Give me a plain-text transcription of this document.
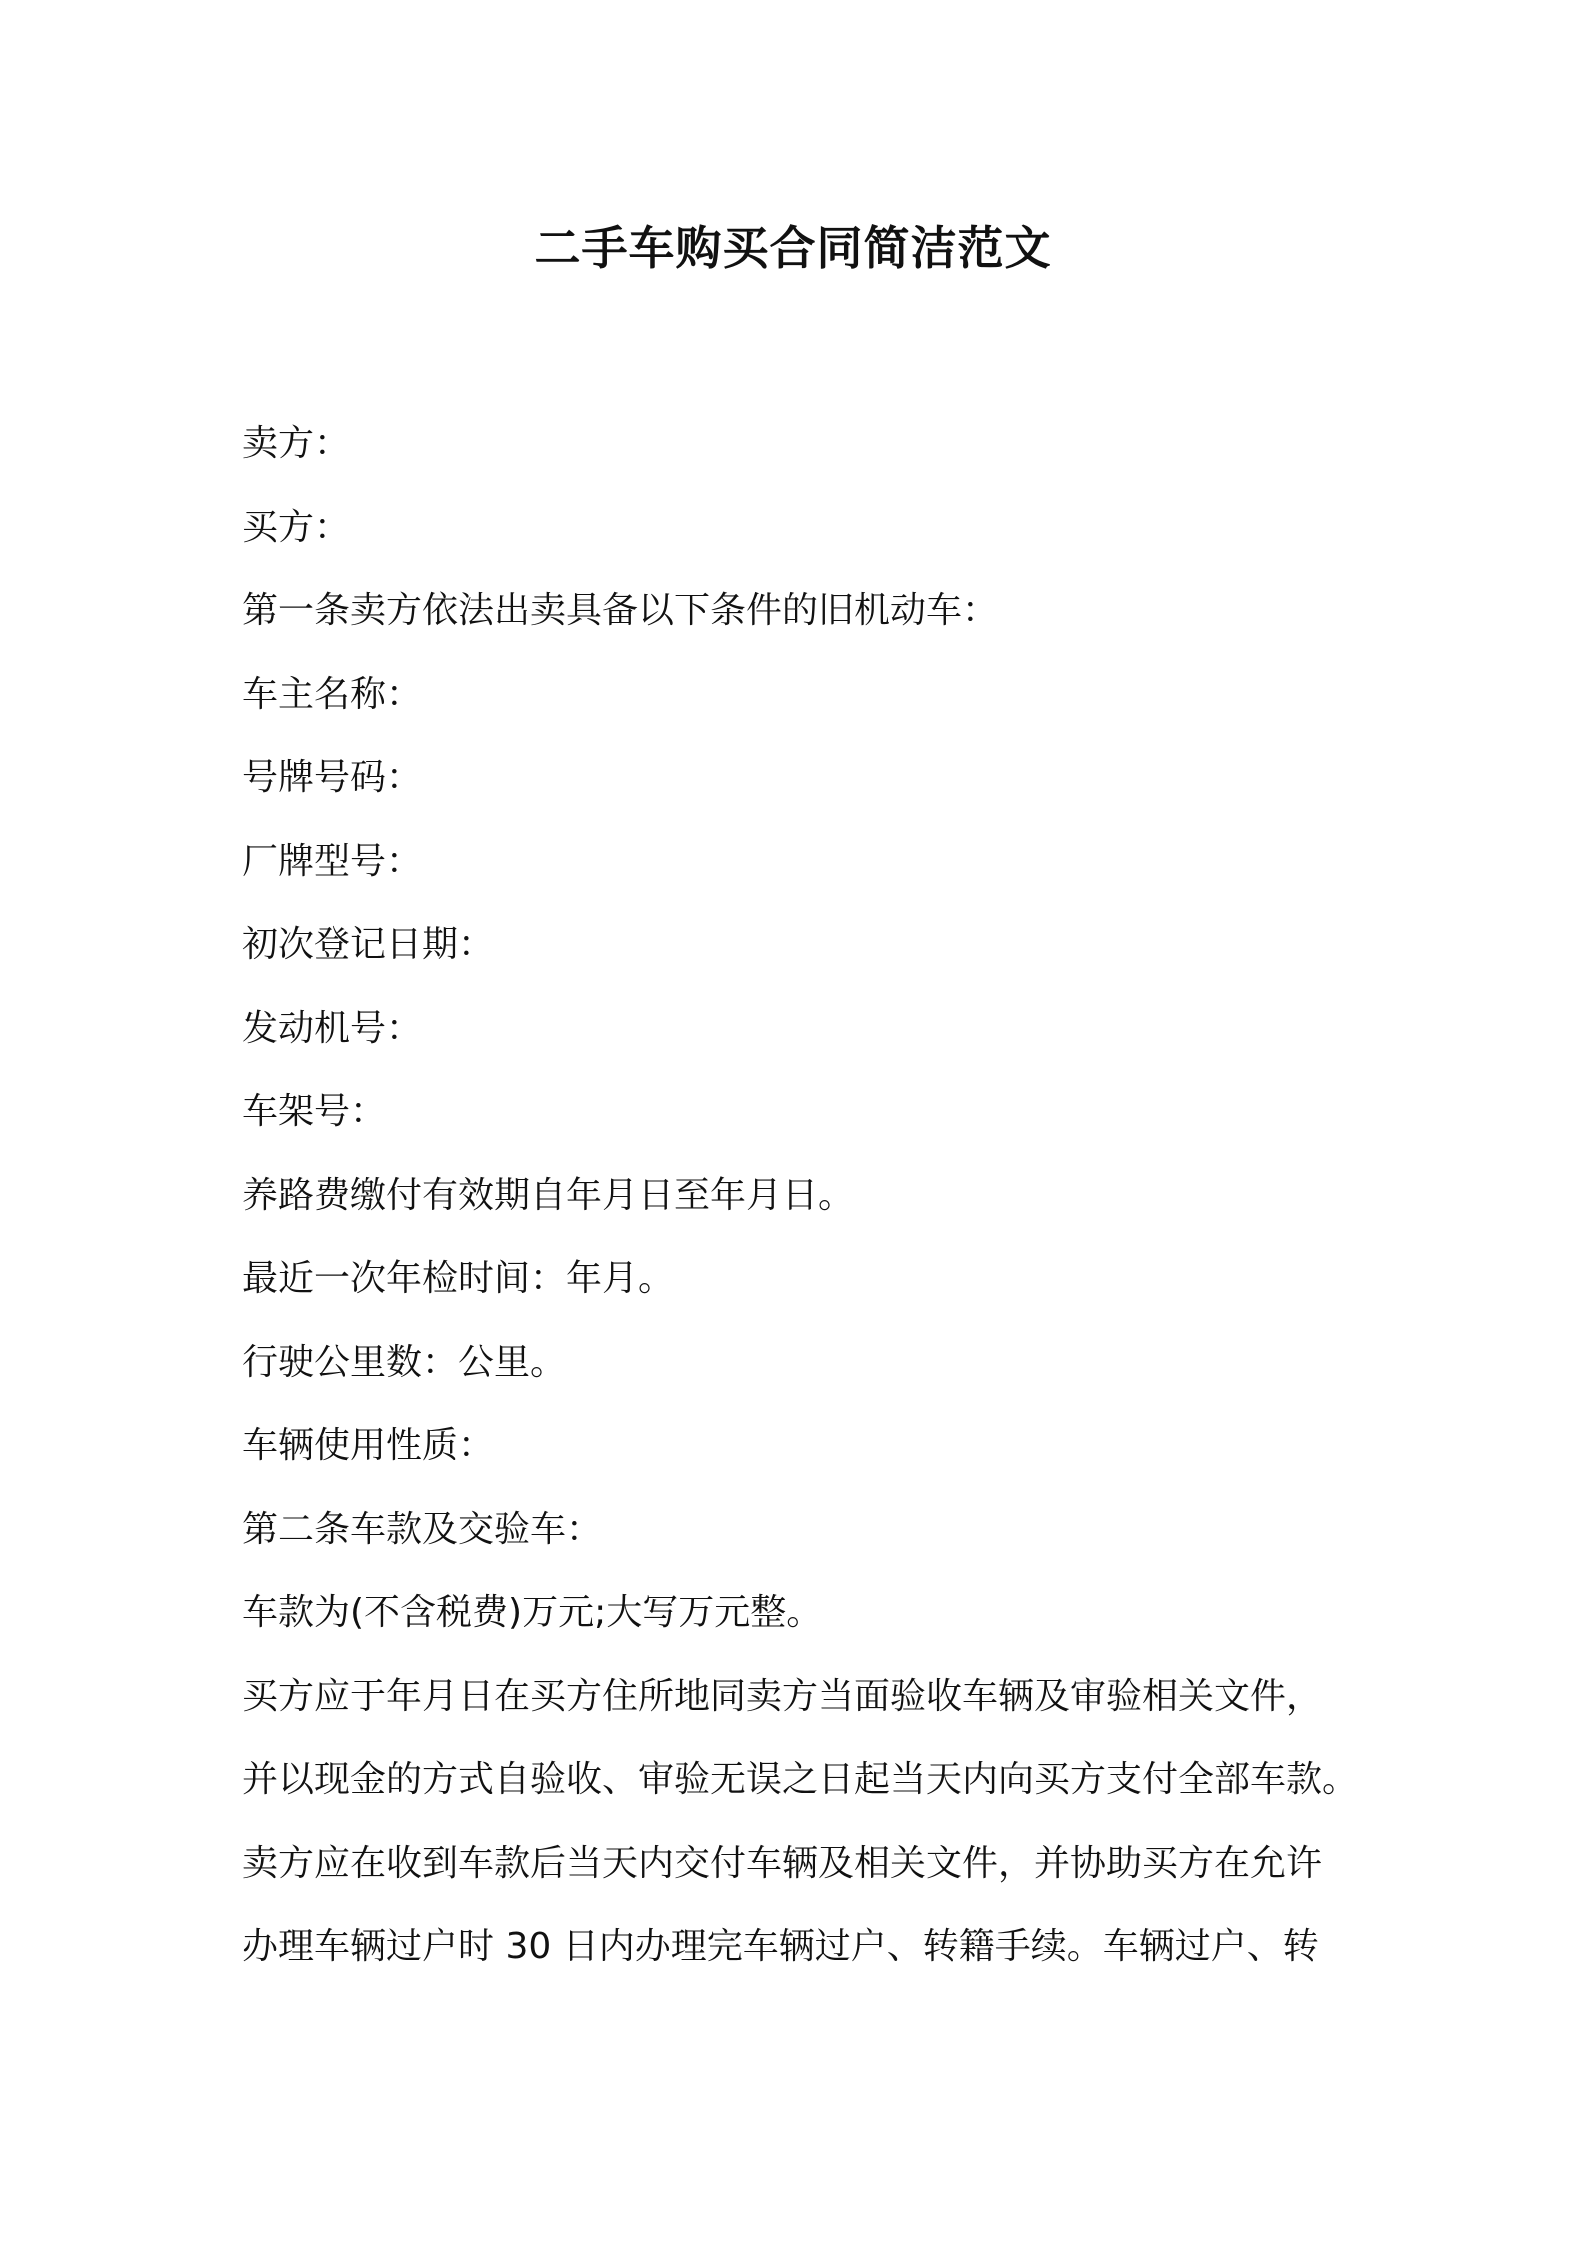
二手车购买合同简洁范文
卖方：
买方：
第一条卖方依法出卖具备以下条件的旧机动车：
车主名称：
号牌号码：
厂牌型号：
初次登记日期：
发动机号：
车架号：
养路费缴付有效期自年月日至年月日。
最近一次年检时间：年月。
行驶公里数：公里。
车辆使用性质：
第二条车款及交验车：
车款为(不含税费)万元;大写万元整。
买方应于年月日在买方住所地同卖方当面验收车辆及审验相关文件，
并以现金的方式自验收、审验无误之日起当天内向买方支付全部车款。
卖方应在收到车款后当天内交付车辆及相关文件，并协助买方在允许
办理车辆过户时 30 日内办理完车辆过户、转籍手续。车辆过户、转
